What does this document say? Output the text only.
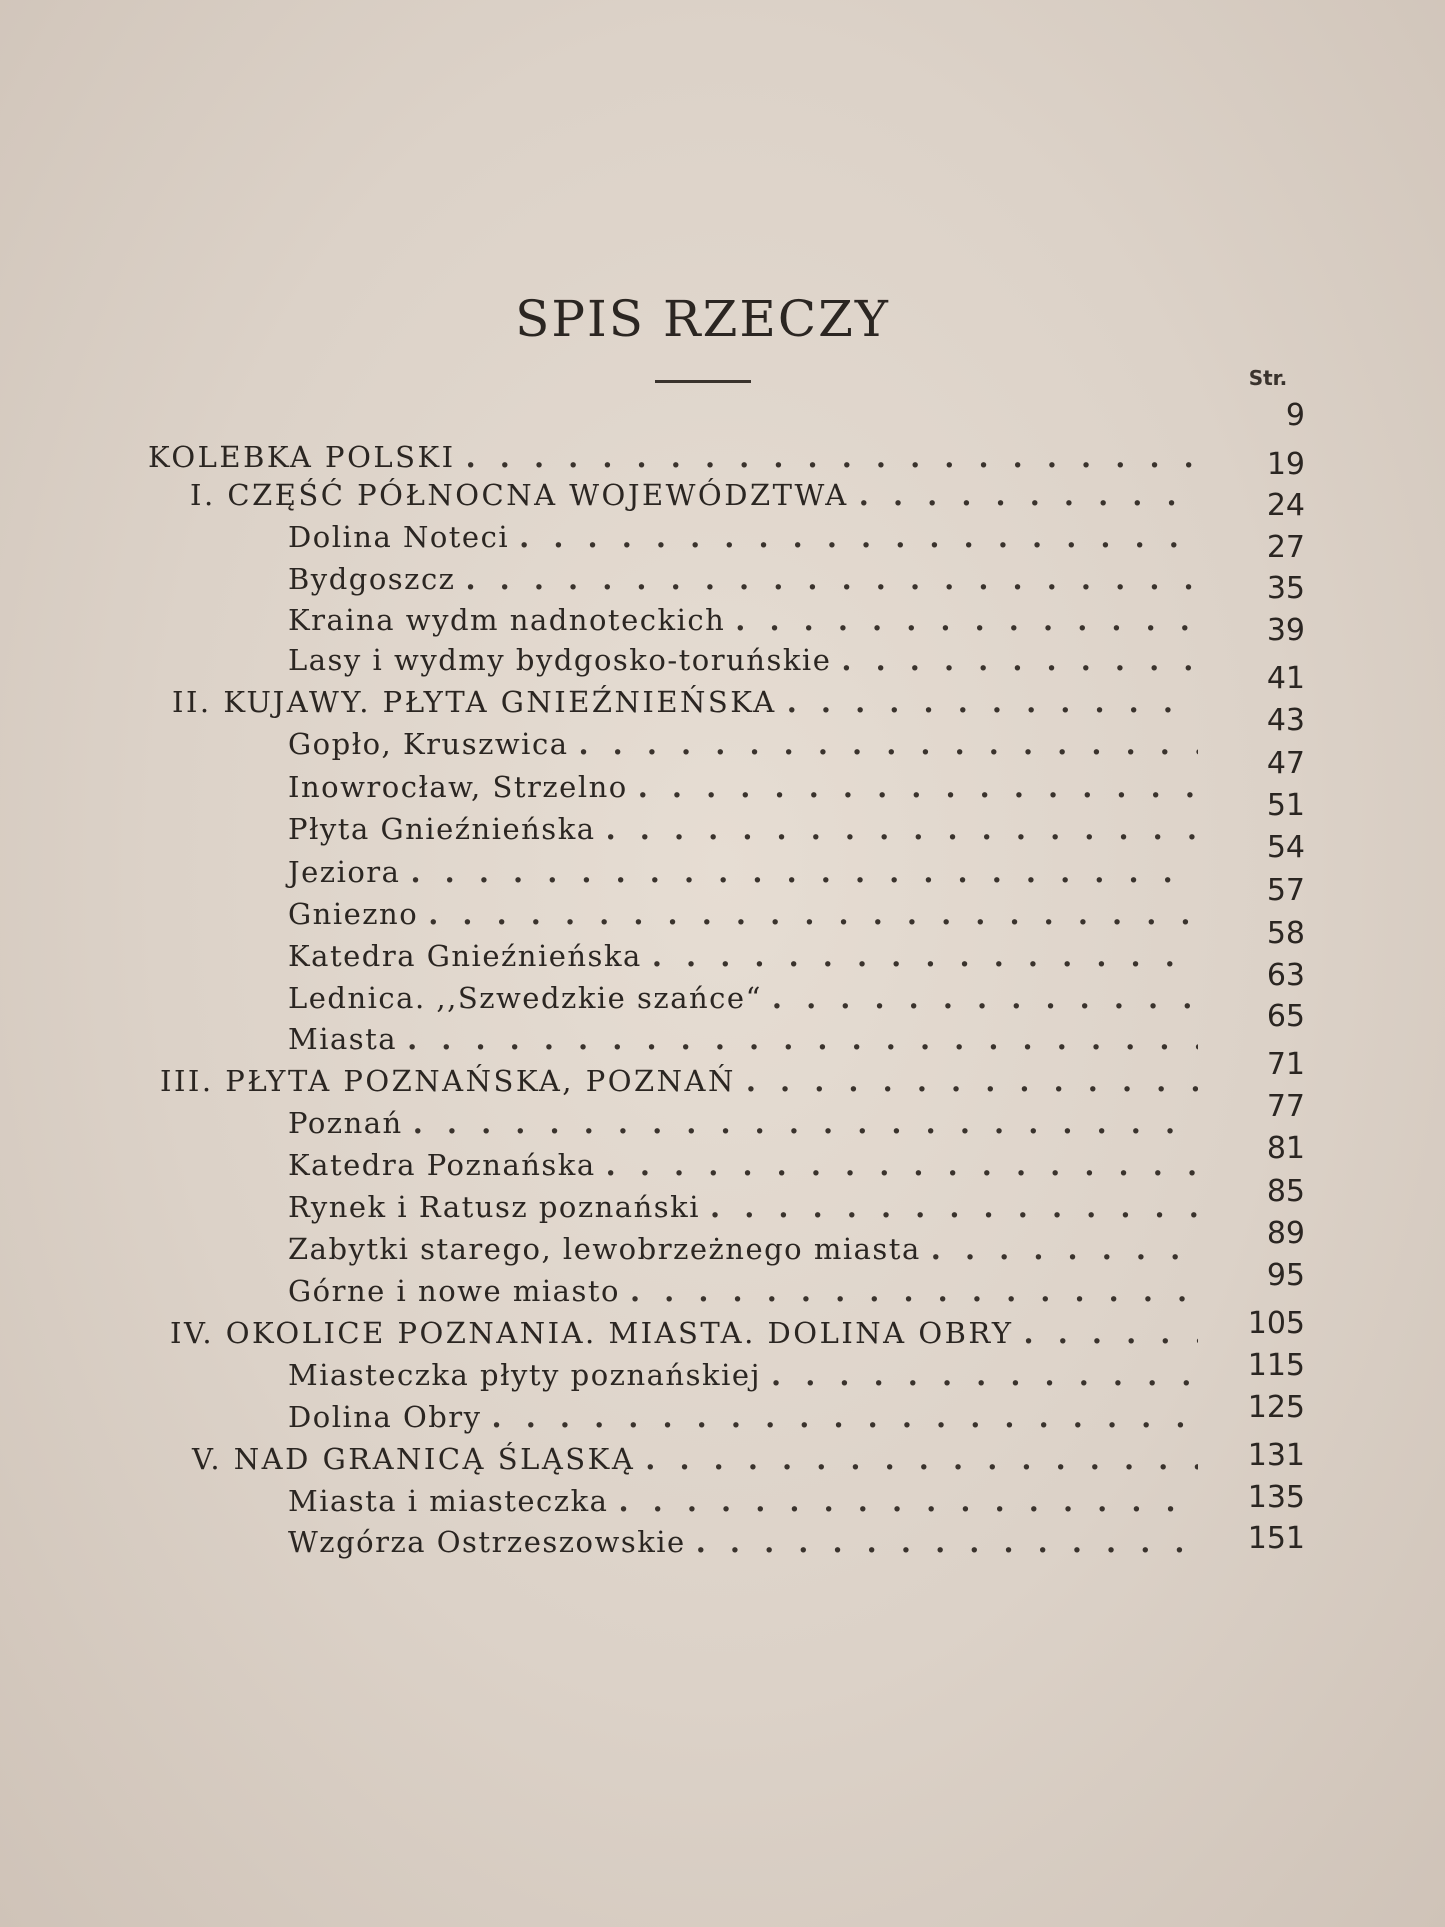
SPIS RZECZY
Str.
KOLEBKA POLSKI
. . .
I. CZĘŚĆ PÓŁNOCNA WOJEWÓDZTWA
. . .
Dolina Noteci
. . .
Bydgoszcz
. . .
Kraina wydm nadnoteckich
. . .
Lasy i wydmy bydgosko-toruńskie
. . .
II. KUJAWY. PŁYTA GNIEŹNIEŃSKA
. . .
Gopło, Kruszwica
. . .
Inowrocław, Strzelno
. . .
Płyta Gnieźnieńska
. . .
Jeziora
. . .
Gniezno
. . .
Katedra Gnieźnieńska
. . .
Lednica. ,,Szwedzkie szańce“
. . .
Miasta
. . .
III. PŁYTA POZNAŃSKA, POZNAŃ
. . .
Poznań
. . .
Katedra Poznańska
. . .
Rynek i Ratusz poznański
. . .
Zabytki starego, lewobrzeżnego miasta
. . .
Górne i nowe miasto
. . .
IV. OKOLICE POZNANIA. MIASTA. DOLINA OBRY
. . .
Miasteczka płyty poznańskiej
. . .
Dolina Obry
. . .
V. NAD GRANICĄ ŚLĄSKĄ
. . .
Miasta i miasteczka
. . .
Wzgórza Ostrzeszowskie
. . .
9
19
24
27
35
39
41
43
47
51
54
57
58
63
65
71
77
81
85
89
95
105
115
125
131
135
151
